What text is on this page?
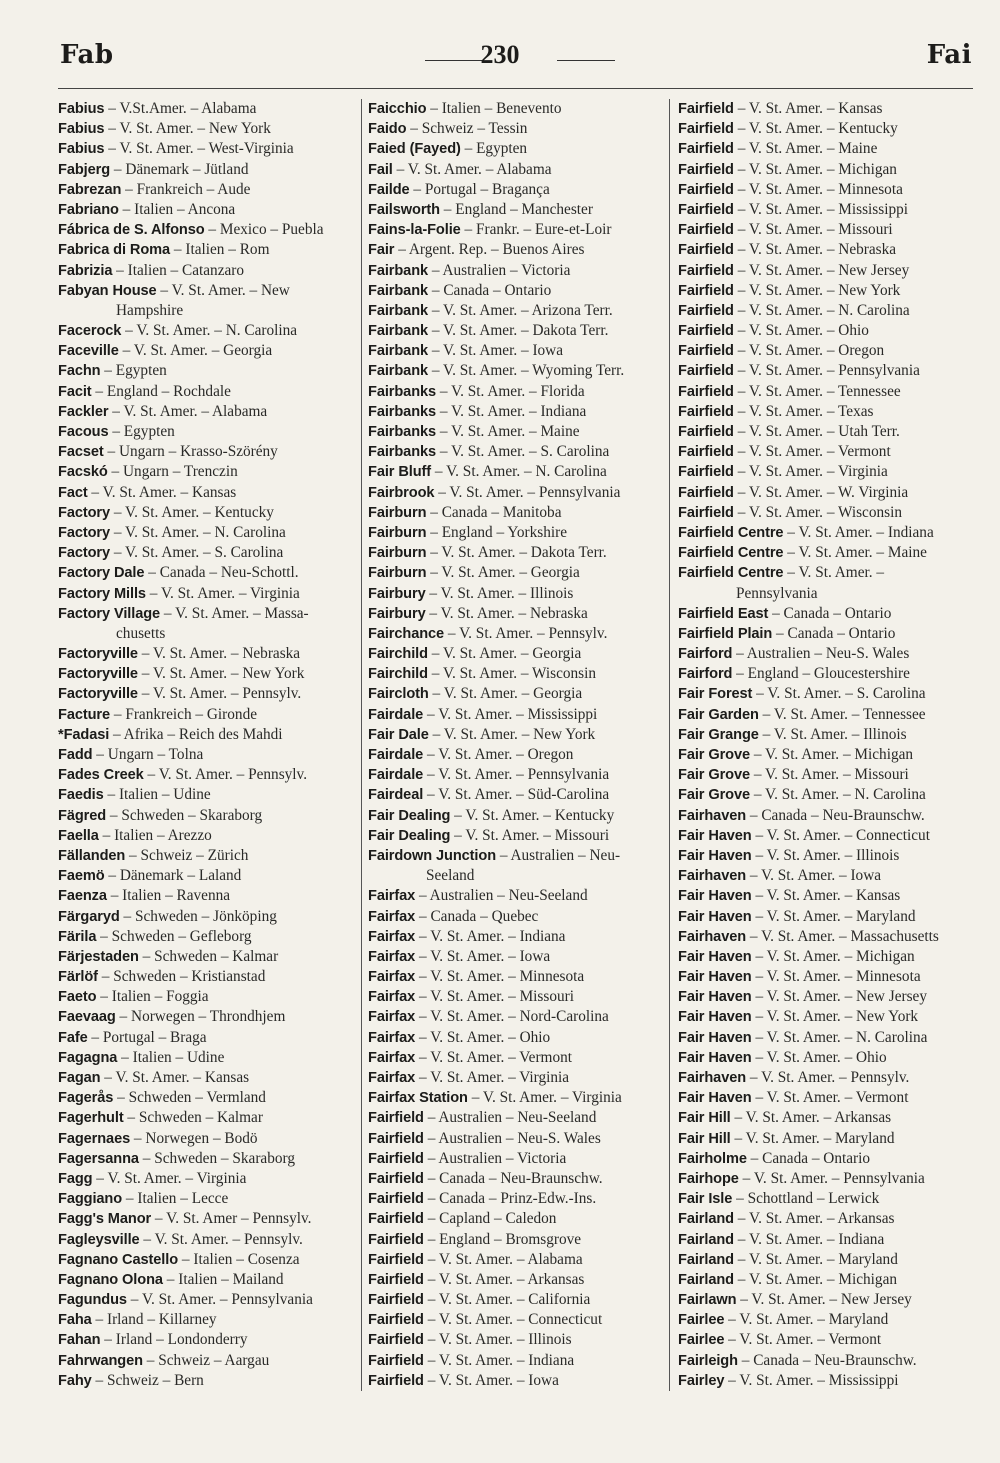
Fab	230	Fai
Fabius – V.St.Amer. – Alabama
Fabius – V. St. Amer. – New York
Fabius – V. St. Amer. – West-Virginia
Fabjerg – Dänemark – Jütland
Fabrezan – Frankreich – Aude
Fabriano – Italien – Ancona
Fábrica de S. Alfonso – Mexico – Puebla
Fabrica di Roma – Italien – Rom
Fabrizia – Italien – Catanzaro
Fabyan House – V. St. Amer. – New
Hampshire
Facerock – V. St. Amer. – N. Carolina
Faceville – V. St. Amer. – Georgia
Fachn – Egypten
Facit – England – Rochdale
Fackler – V. St. Amer. – Alabama
Facous – Egypten
Facset – Ungarn – Krasso-Szörény
Facskó – Ungarn – Trenczin
Fact – V. St. Amer. – Kansas
Factory – V. St. Amer. – Kentucky
Factory – V. St. Amer. – N. Carolina
Factory – V. St. Amer. – S. Carolina
Factory Dale – Canada – Neu-Schottl.
Factory Mills – V. St. Amer. – Virginia
Factory Village – V. St. Amer. – Massa-
chusetts
Factoryville – V. St. Amer. – Nebraska
Factoryville – V. St. Amer. – New York
Factoryville – V. St. Amer. – Pennsylv.
Facture – Frankreich – Gironde
*Fadasi – Afrika – Reich des Mahdi
Fadd – Ungarn – Tolna
Fades Creek – V. St. Amer. – Pennsylv.
Faedis – Italien – Udine
Fägred – Schweden – Skaraborg
Faella – Italien – Arezzo
Fällanden – Schweiz – Zürich
Faemö – Dänemark – Laland
Faenza – Italien – Ravenna
Färgaryd – Schweden – Jönköping
Färila – Schweden – Gefleborg
Färjestaden – Schweden – Kalmar
Färlöf – Schweden – Kristianstad
Faeto – Italien – Foggia
Faevaag – Norwegen – Throndhjem
Fafe – Portugal – Braga
Fagagna – Italien – Udine
Fagan – V. St. Amer. – Kansas
Fagerås – Schweden – Vermland
Fagerhult – Schweden – Kalmar
Fagernaes – Norwegen – Bodö
Fagersanna – Schweden – Skaraborg
Fagg – V. St. Amer. – Virginia
Faggiano – Italien – Lecce
Fagg's Manor – V. St. Amer – Pennsylv.
Fagleysville – V. St. Amer. – Pennsylv.
Fagnano Castello – Italien – Cosenza
Fagnano Olona – Italien – Mailand
Fagundus – V. St. Amer. – Pennsylvania
Faha – Irland – Killarney
Fahan – Irland – Londonderry
Fahrwangen – Schweiz – Aargau
Fahy – Schweiz – Bern
Faicchio – Italien – Benevento
Faido – Schweiz – Tessin
Faied (Fayed) – Egypten
Fail – V. St. Amer. – Alabama
Failde – Portugal – Bragança
Failsworth – England – Manchester
Fains-la-Folie – Frankr. – Eure-et-Loir
Fair – Argent. Rep. – Buenos Aires
Fairbank – Australien – Victoria
Fairbank – Canada – Ontario
Fairbank – V. St. Amer. – Arizona Terr.
Fairbank – V. St. Amer. – Dakota Terr.
Fairbank – V. St. Amer. – Iowa
Fairbank – V. St. Amer. – Wyoming Terr.
Fairbanks – V. St. Amer. – Florida
Fairbanks – V. St. Amer. – Indiana
Fairbanks – V. St. Amer. – Maine
Fairbanks – V. St. Amer. – S. Carolina
Fair Bluff – V. St. Amer. – N. Carolina
Fairbrook – V. St. Amer. – Pennsylvania
Fairburn – Canada – Manitoba
Fairburn – England – Yorkshire
Fairburn – V. St. Amer. – Dakota Terr.
Fairburn – V. St. Amer. – Georgia
Fairbury – V. St. Amer. – Illinois
Fairbury – V. St. Amer. – Nebraska
Fairchance – V. St. Amer. – Pennsylv.
Fairchild – V. St. Amer. – Georgia
Fairchild – V. St. Amer. – Wisconsin
Faircloth – V. St. Amer. – Georgia
Fairdale – V. St. Amer. – Mississippi
Fair Dale – V. St. Amer. – New York
Fairdale – V. St. Amer. – Oregon
Fairdale – V. St. Amer. – Pennsylvania
Fairdeal – V. St. Amer. – Süd-Carolina
Fair Dealing – V. St. Amer. – Kentucky
Fair Dealing – V. St. Amer. – Missouri
Fairdown Junction – Australien – Neu-
Seeland
Fairfax – Australien – Neu-Seeland
Fairfax – Canada – Quebec
Fairfax – V. St. Amer. – Indiana
Fairfax – V. St. Amer. – Iowa
Fairfax – V. St. Amer. – Minnesota
Fairfax – V. St. Amer. – Missouri
Fairfax – V. St. Amer. – Nord-Carolina
Fairfax – V. St. Amer. – Ohio
Fairfax – V. St. Amer. – Vermont
Fairfax – V. St. Amer. – Virginia
Fairfax Station – V. St. Amer. – Virginia
Fairfield – Australien – Neu-Seeland
Fairfield – Australien – Neu-S. Wales
Fairfield – Australien – Victoria
Fairfield – Canada – Neu-Braunschw.
Fairfield – Canada – Prinz-Edw.-Ins.
Fairfield – Capland – Caledon
Fairfield – England – Bromsgrove
Fairfield – V. St. Amer. – Alabama
Fairfield – V. St. Amer. – Arkansas
Fairfield – V. St. Amer. – California
Fairfield – V. St. Amer. – Connecticut
Fairfield – V. St. Amer. – Illinois
Fairfield – V. St. Amer. – Indiana
Fairfield – V. St. Amer. – Iowa
Fairfield – V. St. Amer. – Kansas
Fairfield – V. St. Amer. – Kentucky
Fairfield – V. St. Amer. – Maine
Fairfield – V. St. Amer. – Michigan
Fairfield – V. St. Amer. – Minnesota
Fairfield – V. St. Amer. – Mississippi
Fairfield – V. St. Amer. – Missouri
Fairfield – V. St. Amer. – Nebraska
Fairfield – V. St. Amer. – New Jersey
Fairfield – V. St. Amer. – New York
Fairfield – V. St. Amer. – N. Carolina
Fairfield – V. St. Amer. – Ohio
Fairfield – V. St. Amer. – Oregon
Fairfield – V. St. Amer. – Pennsylvania
Fairfield – V. St. Amer. – Tennessee
Fairfield – V. St. Amer. – Texas
Fairfield – V. St. Amer. – Utah Terr.
Fairfield – V. St. Amer. – Vermont
Fairfield – V. St. Amer. – Virginia
Fairfield – V. St. Amer. – W. Virginia
Fairfield – V. St. Amer. – Wisconsin
Fairfield Centre – V. St. Amer. – Indiana
Fairfield Centre – V. St. Amer. – Maine
Fairfield Centre – V. St. Amer. –
Pennsylvania
Fairfield East – Canada – Ontario
Fairfield Plain – Canada – Ontario
Fairford – Australien – Neu-S. Wales
Fairford – England – Gloucestershire
Fair Forest – V. St. Amer. – S. Carolina
Fair Garden – V. St. Amer. – Tennessee
Fair Grange – V. St. Amer. – Illinois
Fair Grove – V. St. Amer. – Michigan
Fair Grove – V. St. Amer. – Missouri
Fair Grove – V. St. Amer. – N. Carolina
Fairhaven – Canada – Neu-Braunschw.
Fair Haven – V. St. Amer. – Connecticut
Fair Haven – V. St. Amer. – Illinois
Fairhaven – V. St. Amer. – Iowa
Fair Haven – V. St. Amer. – Kansas
Fair Haven – V. St. Amer. – Maryland
Fairhaven – V. St. Amer. – Massachusetts
Fair Haven – V. St. Amer. – Michigan
Fair Haven – V. St. Amer. – Minnesota
Fair Haven – V. St. Amer. – New Jersey
Fair Haven – V. St. Amer. – New York
Fair Haven – V. St. Amer. – N. Carolina
Fair Haven – V. St. Amer. – Ohio
Fairhaven – V. St. Amer. – Pennsylv.
Fair Haven – V. St. Amer. – Vermont
Fair Hill – V. St. Amer. – Arkansas
Fair Hill – V. St. Amer. – Maryland
Fairholme – Canada – Ontario
Fairhope – V. St. Amer. – Pennsylvania
Fair Isle – Schottland – Lerwick
Fairland – V. St. Amer. – Arkansas
Fairland – V. St. Amer. – Indiana
Fairland – V. St. Amer. – Maryland
Fairland – V. St. Amer. – Michigan
Fairlawn – V. St. Amer. – New Jersey
Fairlee – V. St. Amer. – Maryland
Fairlee – V. St. Amer. – Vermont
Fairleigh – Canada – Neu-Braunschw.
Fairley – V. St. Amer. – Mississippi
